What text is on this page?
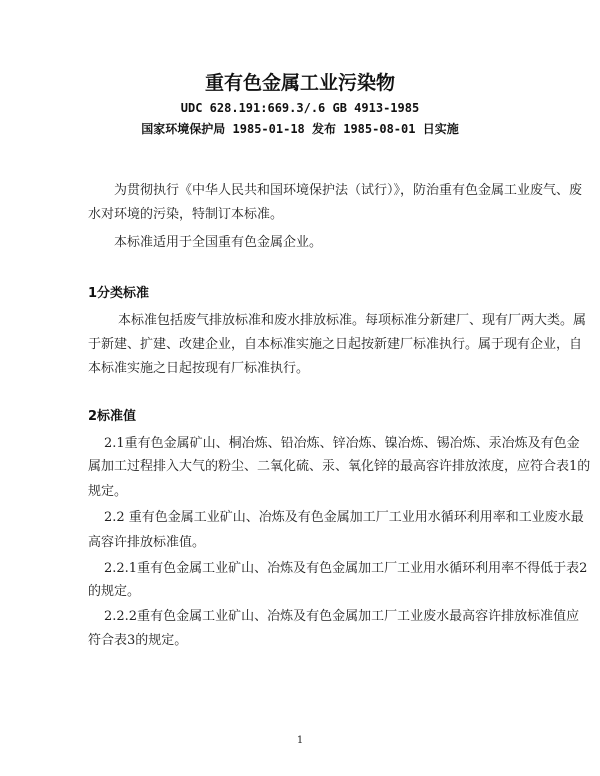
重有色金属工业污染物
UDC 628.191:669.3/.6 GB 4913-1985
国家环境保护局 1985-01-18 发布 1985-08-01 日实施
为贯彻执行《中华人民共和国环境保护法（试行）》，防治重有色金属工业废气、废
水对环境的污染，特制订本标准。
本标准适用于全国重有色金属企业。
1分类标准
本标准包括废气排放标准和废水排放标准。每项标准分新建厂、现有厂两大类。属
于新建、扩建、改建企业，自本标准实施之日起按新建厂标准执行。属于现有企业，自
本标准实施之日起按现有厂标准执行。
2标准值
2.1重有色金属矿山、桐冶炼、铅冶炼、锌冶炼、镍冶炼、锡冶炼、汞冶炼及有色金
属加工过程排入大气的粉尘、二氧化硫、汞、氧化锌的最高容许排放浓度，应符合表1的
规定。
2.2 重有色金属工业矿山、冶炼及有色金属加工厂工业用水循环利用率和工业废水最
高容许排放标准值。
2.2.1重有色金属工业矿山、冶炼及有色金属加工厂工业用水循环利用率不得低于表2
的规定。
2.2.2重有色金属工业矿山、冶炼及有色金属加工厂工业废水最高容许排放标准值应
符合表3的规定。
1
